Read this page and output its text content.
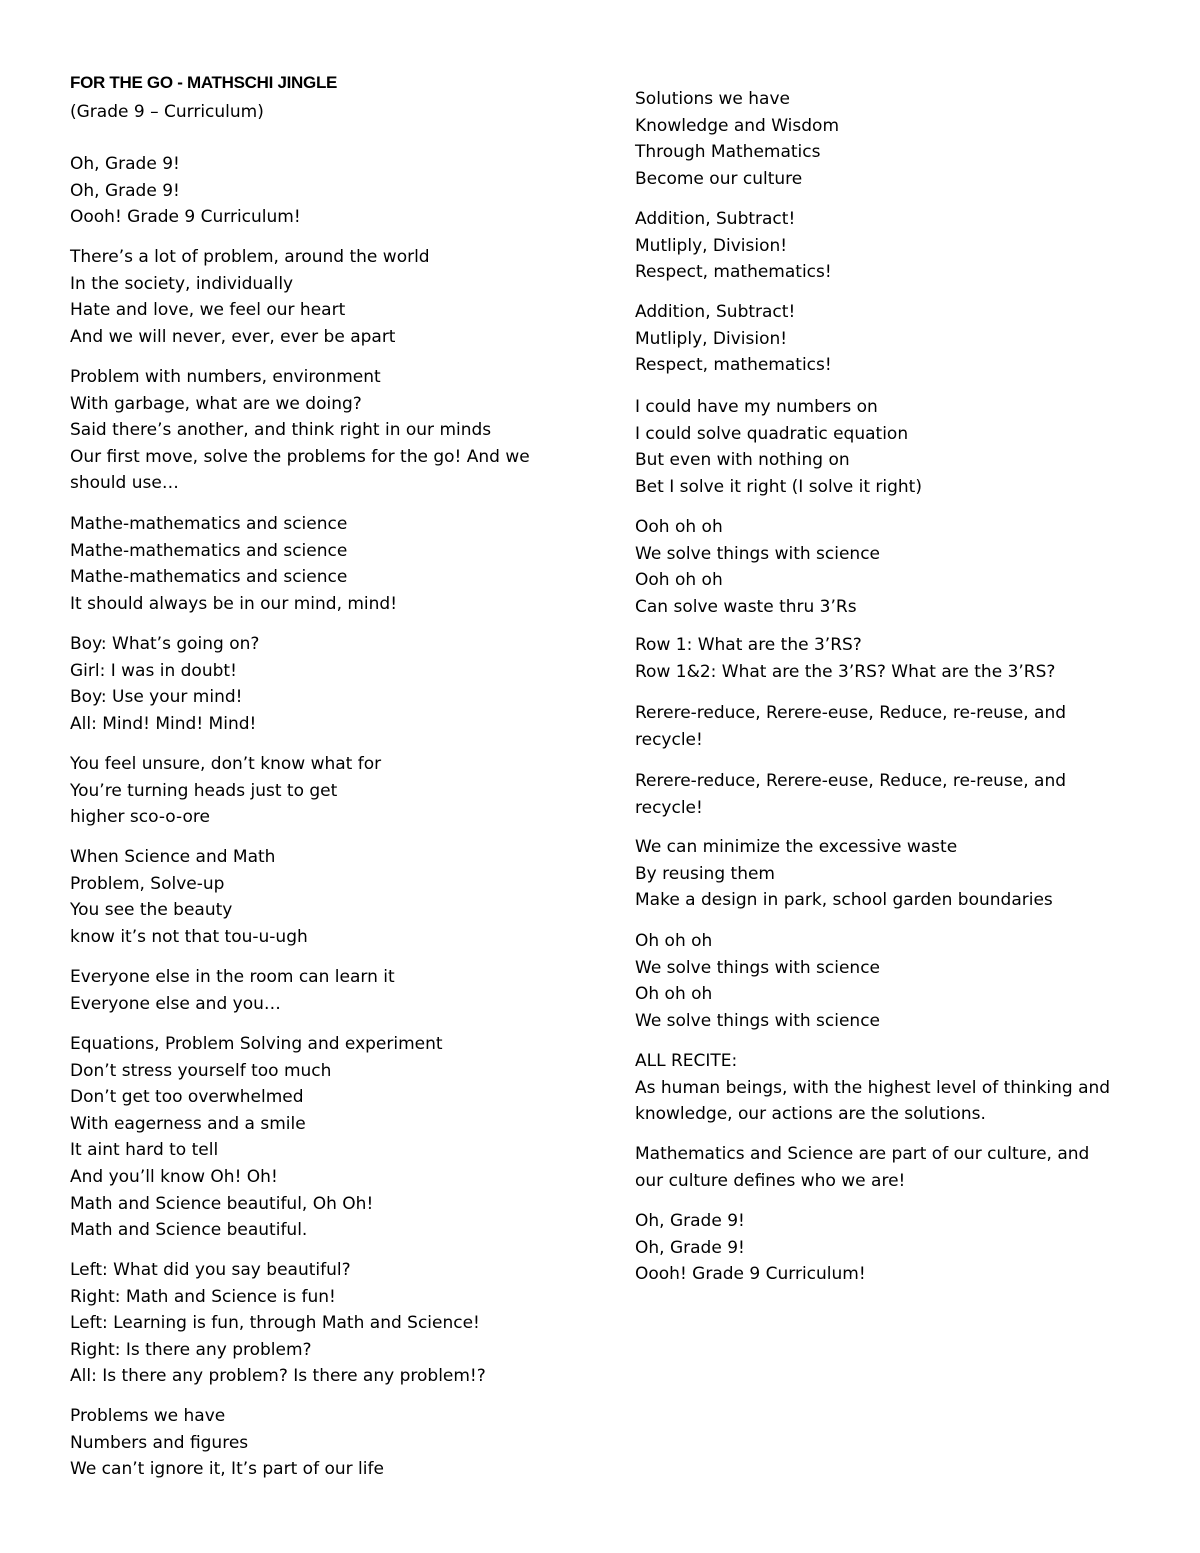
FOR THE GO - MATHSCHI JINGLE
(Grade 9 – Curriculum)
Oh, Grade 9!
Oh, Grade 9!
Oooh! Grade 9 Curriculum!
There’s a lot of problem, around the world
In the society, individually
Hate and love, we feel our heart
And we will never, ever, ever be apart
Problem with numbers, environment
With garbage, what are we doing?
Said there’s another, and think right in our minds
Our first move, solve the problems for the go! And we
should use…
Mathe-mathematics and science
Mathe-mathematics and science
Mathe-mathematics and science
It should always be in our mind, mind!
Boy: What’s going on?
Girl: I was in doubt!
Boy: Use your mind!
All: Mind! Mind! Mind!
You feel unsure, don’t know what for
You’re turning heads just to get
higher sco-o-ore
When Science and Math
Problem, Solve-up
You see the beauty
know it’s not that tou-u-ugh
Everyone else in the room can learn it
Everyone else and you…
Equations, Problem Solving and experiment
Don’t stress yourself too much
Don’t get too overwhelmed
With eagerness and a smile
It aint hard to tell
And you’ll know Oh! Oh!
Math and Science beautiful, Oh Oh!
Math and Science beautiful.
Left: What did you say beautiful?
Right: Math and Science is fun!
Left: Learning is fun, through Math and Science!
Right: Is there any problem?
All: Is there any problem? Is there any problem!?
Problems we have
Numbers and figures
We can’t ignore it, It’s part of our life
Solutions we have
Knowledge and Wisdom
Through Mathematics
Become our culture
Addition, Subtract!
Mutliply, Division!
Respect, mathematics!
Addition, Subtract!
Mutliply, Division!
Respect, mathematics!
I could have my numbers on
I could solve quadratic equation
But even with nothing on
Bet I solve it right (I solve it right)
Ooh oh oh
We solve things with science
Ooh oh oh
Can solve waste thru 3’Rs
Row 1: What are the 3’RS?
Row 1&2: What are the 3’RS? What are the 3’RS?
Rerere-reduce, Rerere-euse, Reduce, re-reuse, and
recycle!
Rerere-reduce, Rerere-euse, Reduce, re-reuse, and
recycle!
We can minimize the excessive waste
By reusing them
Make a design in park, school garden boundaries
Oh oh oh
We solve things with science
Oh oh oh
We solve things with science
ALL RECITE:
As human beings, with the highest level of thinking and
knowledge, our actions are the solutions.
Mathematics and Science are part of our culture, and
our culture defines who we are!
Oh, Grade 9!
Oh, Grade 9!
Oooh! Grade 9 Curriculum!
